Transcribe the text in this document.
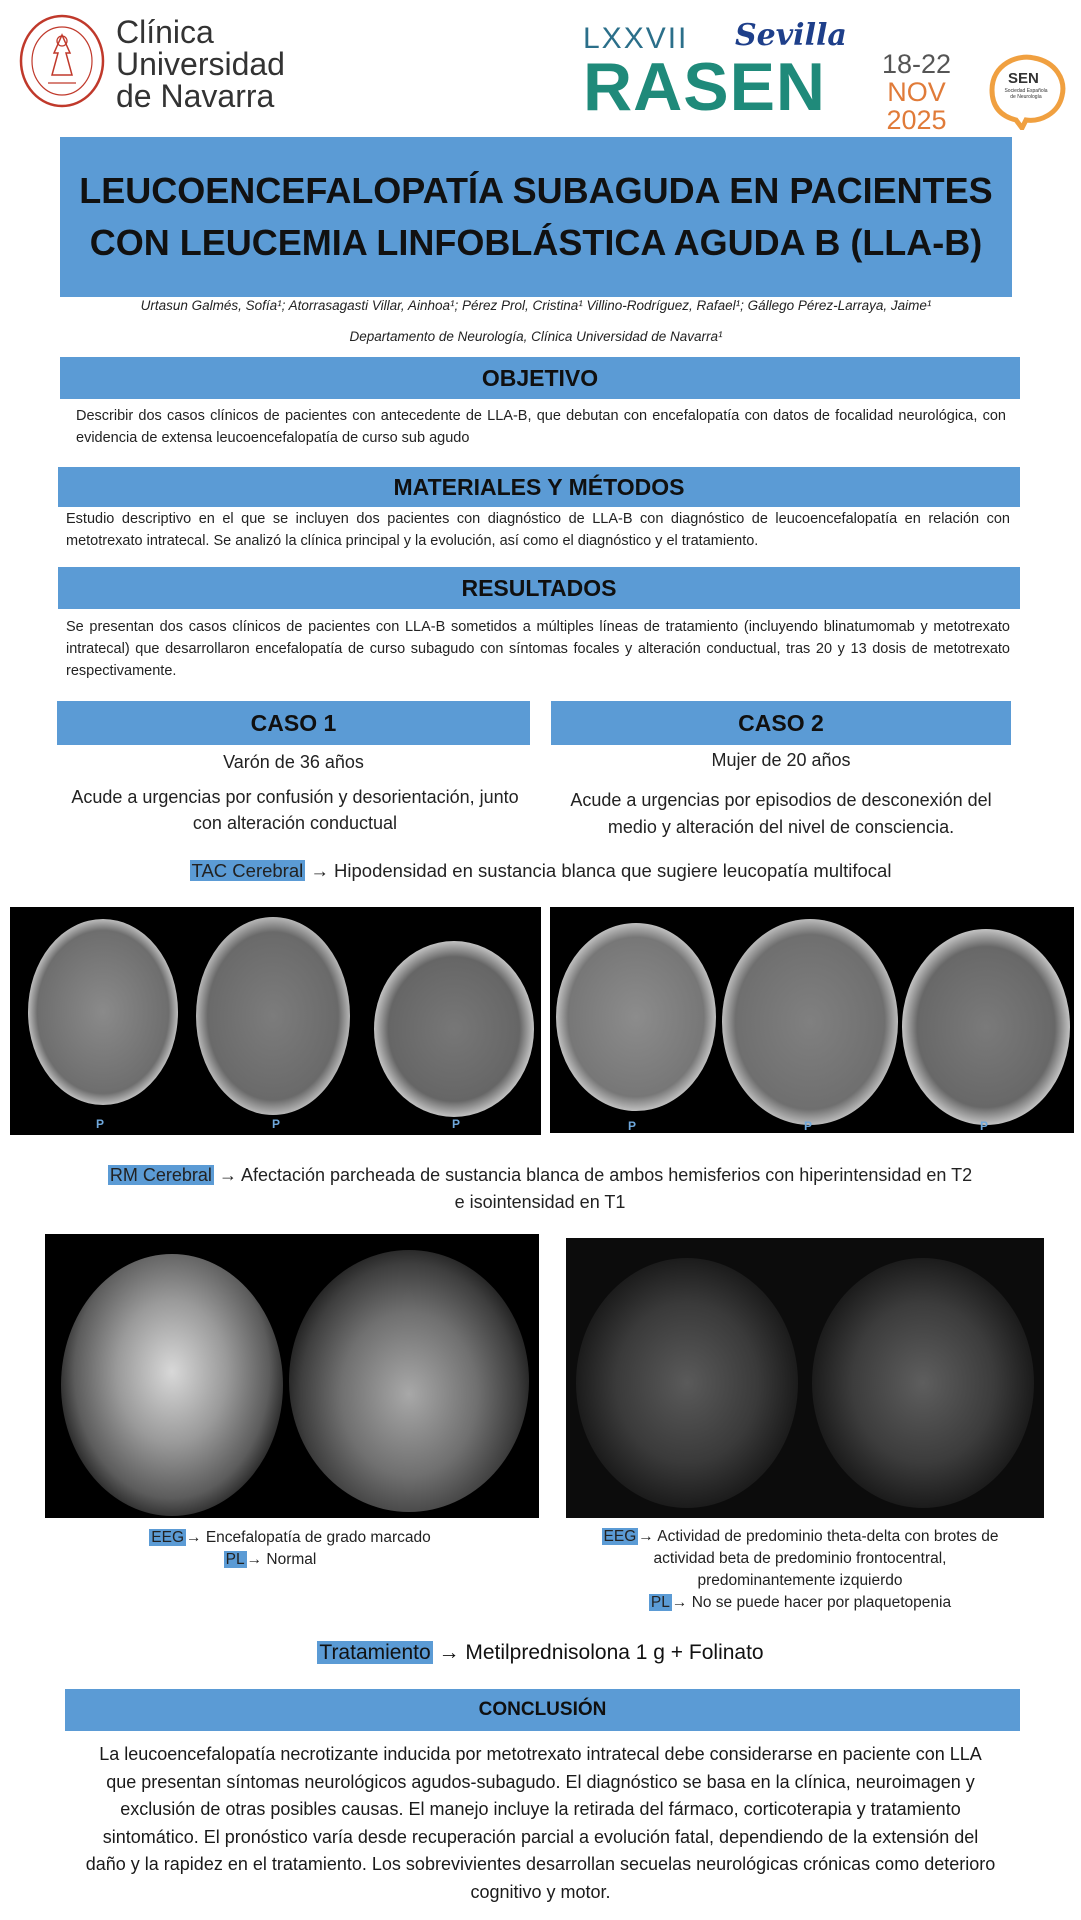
Clínica
Universidad
de Navarra
LXXVII Sevilla
RASEN 18-22
NOV
2025
SEN
Sociedad Española de Neurología
LEUCOENCEFALOPATÍA SUBAGUDA EN PACIENTES
CON LEUCEMIA LINFOBLÁSTICA AGUDA B (LLA-B)
Urtasun Galmés, Sofía¹; Atorrasagasti Villar, Ainhoa¹; Pérez Prol, Cristina¹ Villino-Rodríguez, Rafael¹; Gállego Pérez-Larraya, Jaime¹
Departamento de Neurología, Clínica Universidad de Navarra¹
OBJETIVO
Describir dos casos clínicos de pacientes con antecedente de LLA-B, que debutan con encefalopatía con datos de focalidad neurológica, con evidencia de extensa leucoencefalopatía de curso sub agudo
MATERIALES Y MÉTODOS
Estudio descriptivo en el que se incluyen dos pacientes con diagnóstico de LLA-B con diagnóstico de leucoencefalopatía en relación con metotrexato intratecal. Se analizó la clínica principal y la evolución, así como el diagnóstico y el tratamiento.
RESULTADOS
Se presentan dos casos clínicos de pacientes con LLA-B sometidos a múltiples líneas de tratamiento (incluyendo blinatumomab y metotrexato intratecal) que desarrollaron encefalopatía de curso subagudo con síntomas focales y alteración conductual, tras 20 y 13 dosis de metotrexato respectivamente.
CASO 1	CASO 2
Varón de 36 años
Acude a urgencias por confusión y desorientación, junto con alteración conductual
Mujer de 20 años
Acude a urgencias por episodios de desconexión del medio y alteración del nivel de consciencia.
TAC Cerebral → Hipodensidad en sustancia blanca que sugiere leucopatía multifocal
P	P	P	P	P	P
RM Cerebral → Afectación parcheada de sustancia blanca de ambos hemisferios con hiperintensidad en T2
e isointensidad en T1
EEG → Encefalopatía de grado marcado
PL → Normal
EEG → Actividad de predominio theta-delta con brotes de
actividad beta de predominio frontocentral,
predominantemente izquierdo
PL → No se puede hacer por plaquetopenia
Tratamiento → Metilprednisolona 1 g + Folinato
CONCLUSIÓN
La leucoencefalopatía necrotizante inducida por metotrexato intratecal debe considerarse en paciente con LLA
que presentan síntomas neurológicos agudos-subagudo. El diagnóstico se basa en la clínica, neuroimagen y
exclusión de otras posibles causas. El manejo incluye la retirada del fármaco, corticoterapia y tratamiento
sintomático. El pronóstico varía desde recuperación parcial a evolución fatal, dependiendo de la extensión del
daño y la rapidez en el tratamiento. Los sobrevivientes desarrollan secuelas neurológicas crónicas como deterioro
cognitivo y motor.
